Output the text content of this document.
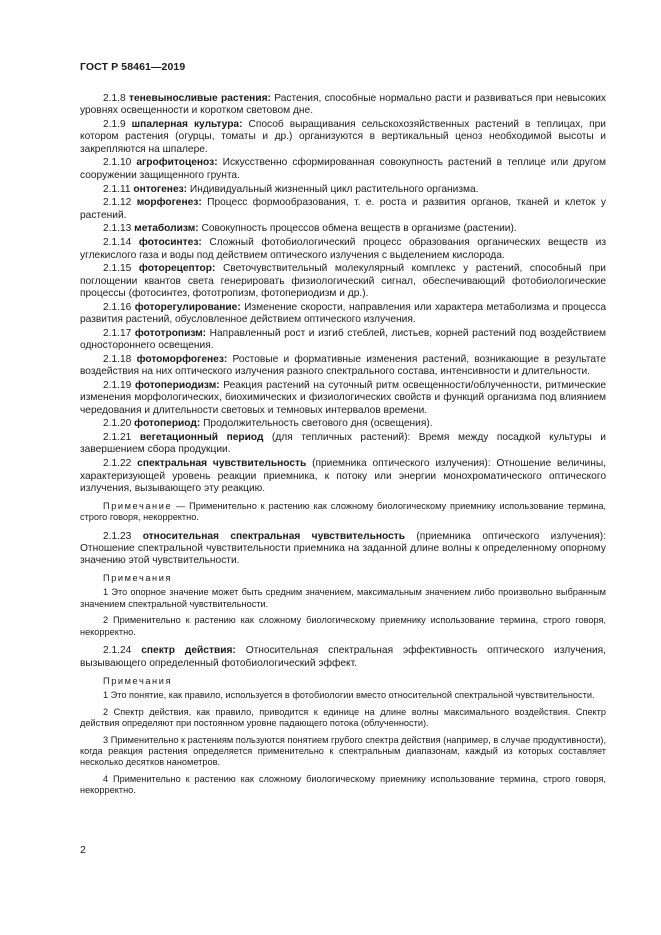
ГОСТ Р 58461—2019

2.1.8 теневыносливые растения: Растения, способные нормально расти и развиваться при невысоких уровнях освещенности и коротком световом дне.

2.1.9 шпалерная культура: Способ выращивания сельскохозяйственных растений в теплицах, при котором растения (огурцы, томаты и др.) организуются в вертикальный ценоз необходимой высоты и закрепляются на шпалере.

2.1.10 агрофитоценоз: Искусственно сформированная совокупность растений в теплице или другом сооружении защищенного грунта.

2.1.11 онтогенез: Индивидуальный жизненный цикл растительного организма.

2.1.12 морфогенез: Процесс формообразования, т. е. роста и развития органов, тканей и клеток у растений.

2.1.13 метаболизм: Совокупность процессов обмена веществ в организме (растении).

2.1.14 фотосинтез: Сложный фотобиологический процесс образования органических веществ из углекислого газа и воды под действием оптического излучения с выделением кислорода.

2.1.15 фоторецептор: Светочувствительный молекулярный комплекс у растений, способный при поглощении квантов света генерировать физиологический сигнал, обеспечивающий фотобиологические процессы (фотосинтез, фототропизм, фотопериодизм и др.).

2.1.16 фоторегулирование: Изменение скорости, направления или характера метаболизма и процесса развития растений, обусловленное действием оптического излучения.

2.1.17 фототропизм: Направленный рост и изгиб стеблей, листьев, корней растений под воздействием одностороннего освещения.

2.1.18 фотоморфогенез: Ростовые и формативные изменения растений, возникающие в результате воздействия на них оптического излучения разного спектрального состава, интенсивности и длительности.

2.1.19 фотопериодизм: Реакция растений на суточный ритм освещенности/облученности, ритмические изменения морфологических, биохимических и физиологических свойств и функций организма под влиянием чередования и длительности световых и темновых интервалов времени.

2.1.20 фотопериод: Продолжительность светового дня (освещения).

2.1.21 вегетационный период (для тепличных растений): Время между посадкой культуры и завершением сбора продукции.

2.1.22 спектральная чувствительность (приемника оптического излучения): Отношение величины, характеризующей уровень реакции приемника, к потоку или энергии монохроматического оптического излучения, вызывающего эту реакцию.

Примечание — Применительно к растению как сложному биологическому приемнику использование термина, строго говоря, некорректно.

2.1.23 относительная спектральная чувствительность (приемника оптического излучения): Отношение спектральной чувствительности приемника на заданной длине волны к определенному опорному значению этой чувствительности.

Примечания

1 Это опорное значение может быть средним значением, максимальным значением либо произвольно выбранным значением спектральной чувствительности.

2 Применительно к растению как сложному биологическому приемнику использование термина, строго говоря, некорректно.

2.1.24 спектр действия: Относительная спектральная эффективность оптического излучения, вызывающего определенный фотобиологический эффект.

Примечания

1 Это понятие, как правило, используется в фотобиологии вместо относительной спектральной чувствительности.

2 Спектр действия, как правило, приводится к единице на длине волны максимального воздействия. Спектр действия определяют при постоянном уровне падающего потока (облученности).

3 Применительно к растениям пользуются понятием грубого спектра действия (например, в случае продуктивности), когда реакция растения определяется применительно к спектральным диапазонам, каждый из которых составляет несколько десятков нанометров.

4 Применительно к растению как сложному биологическому приемнику использование термина, строго говоря, некорректно.

2
